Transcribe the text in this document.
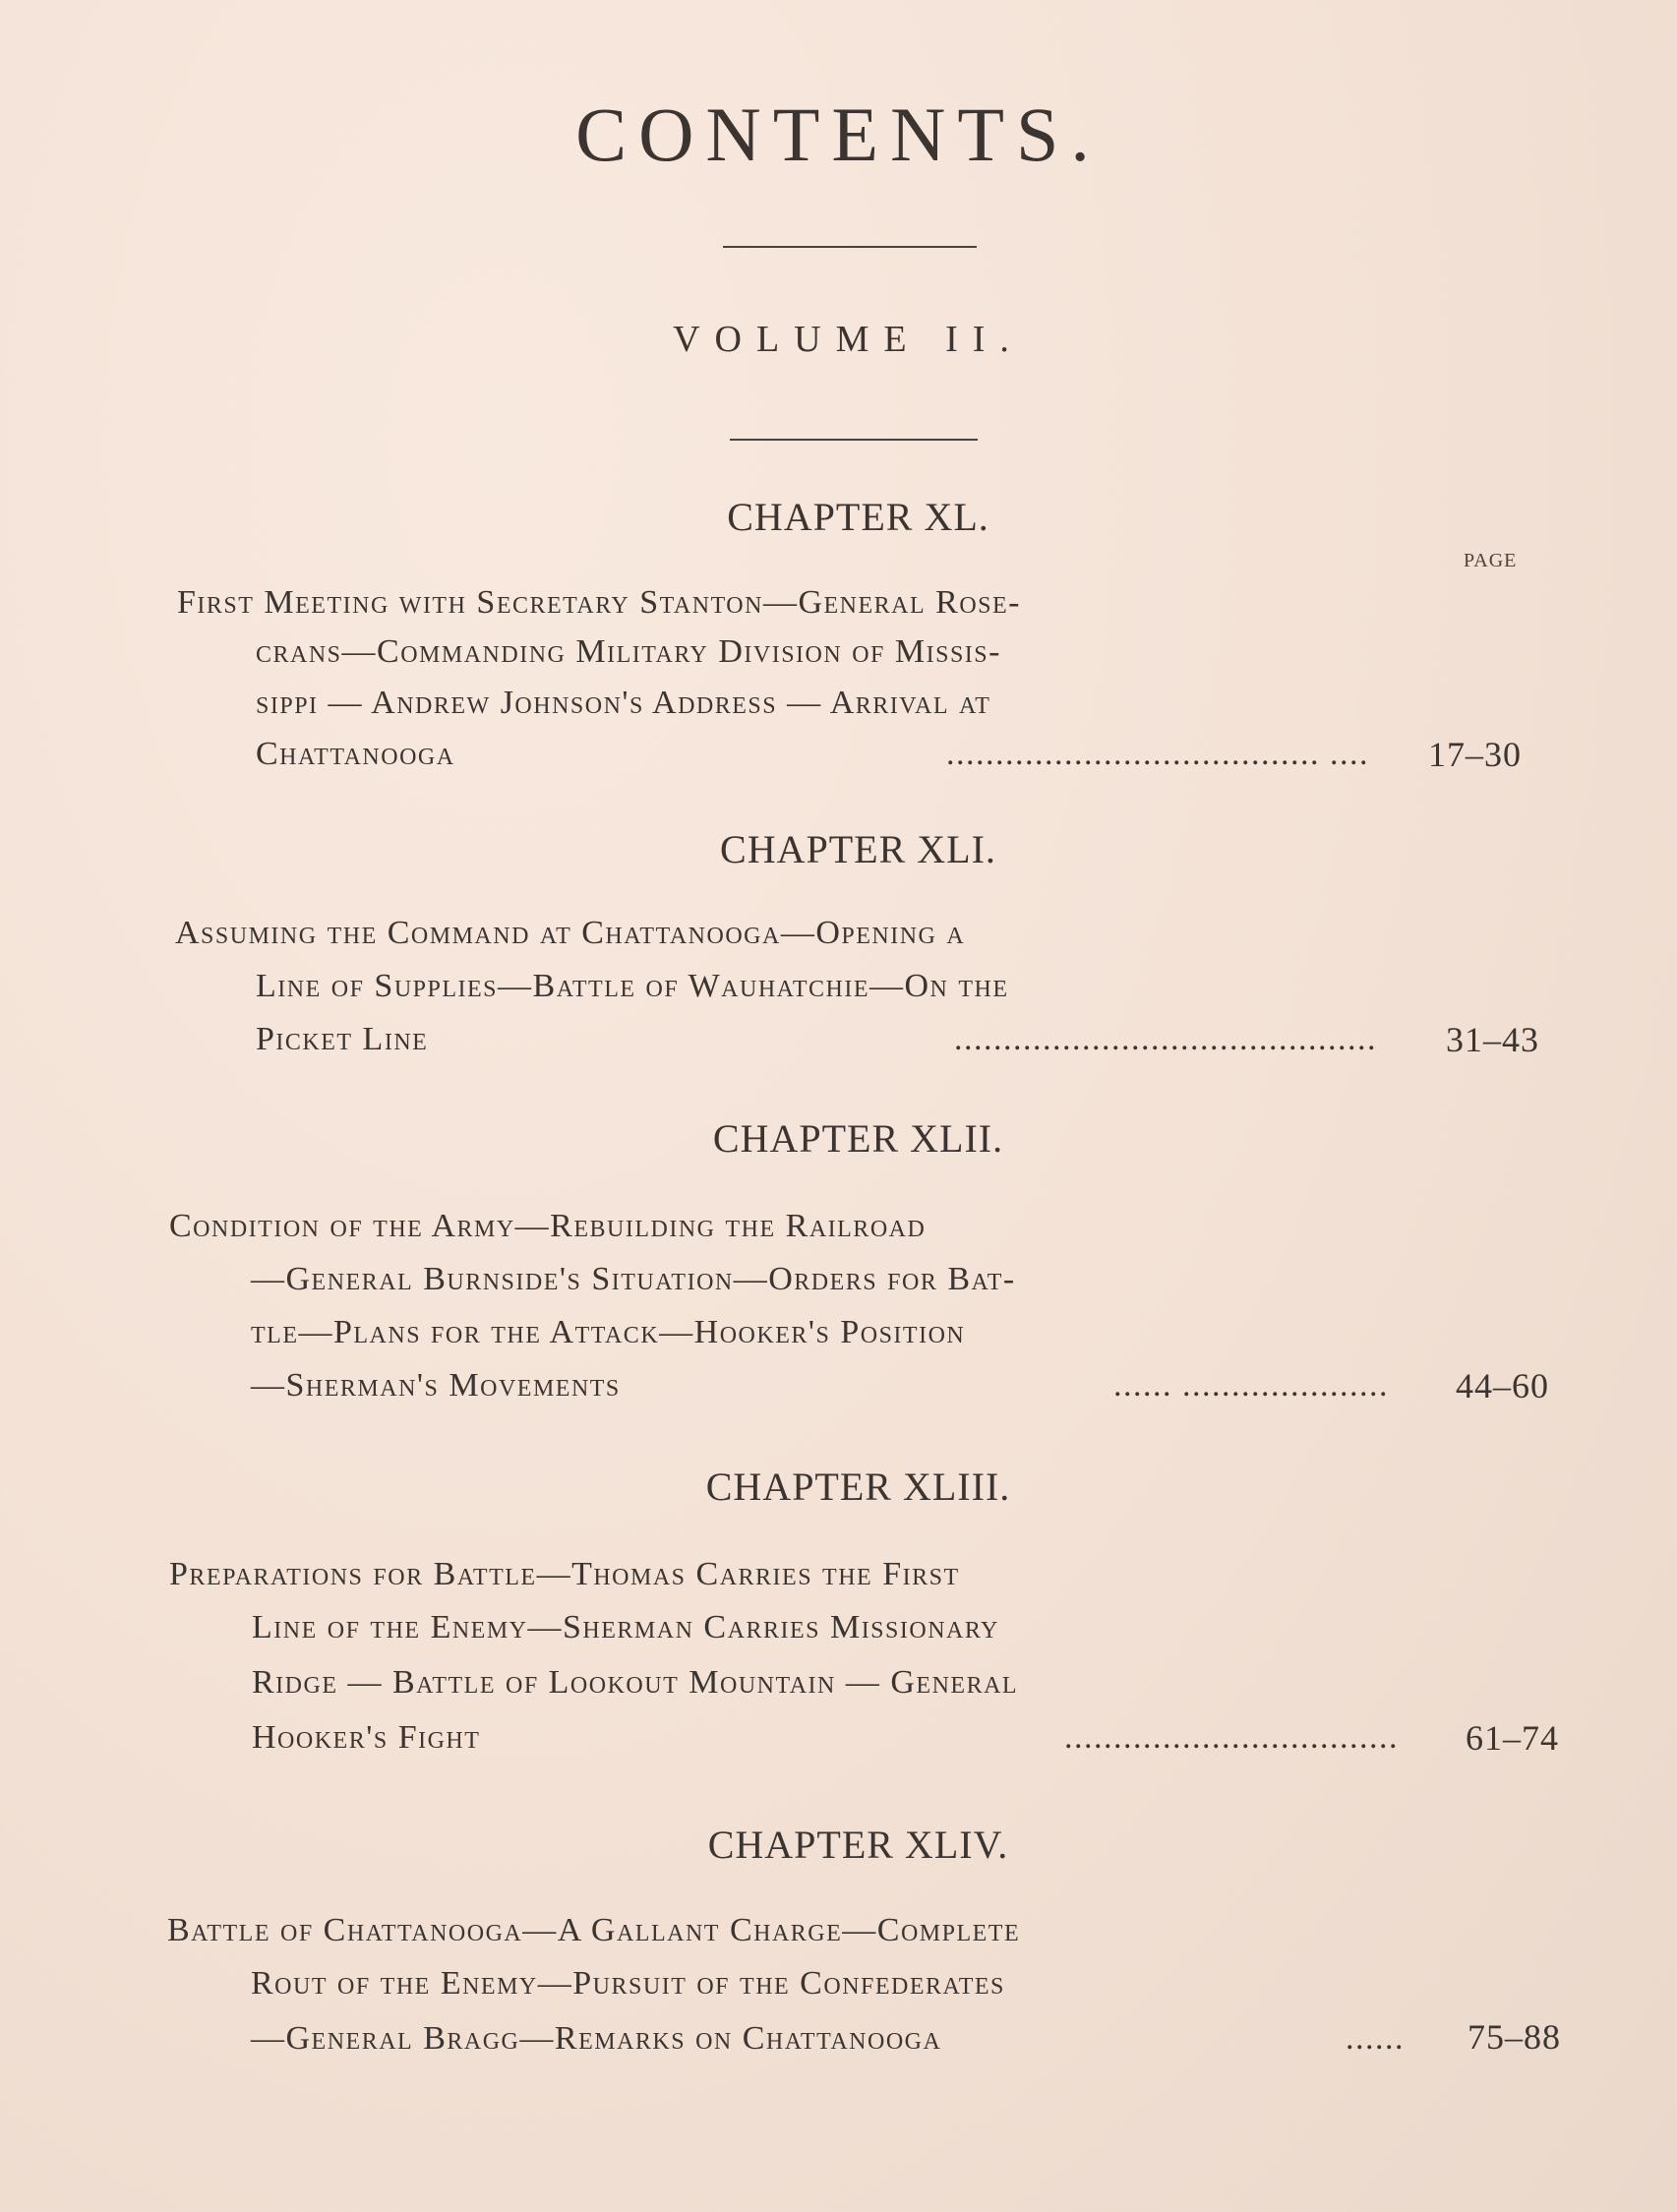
CONTENTS.
VOLUME II.
PAGE
CHAPTER XL.
First Meeting with Secretary Stanton—General Rose-
crans—Commanding Military Division of Missis-
sippi — Andrew Johnson's Address — Arrival at
Chattanooga	...................................... .... 17–30
CHAPTER XLI.
Assuming the Command at Chattanooga—Opening a
Line of Supplies—Battle of Wauhatchie—On the
Picket Line	........................................... 31–43
CHAPTER XLII.
Condition of the Army—Rebuilding the Railroad
—General Burnside's Situation—Orders for Bat-
tle—Plans for the Attack—Hooker's Position
—Sherman's Movements	...... ..................... 44–60
CHAPTER XLIII.
Preparations for Battle—Thomas Carries the First
Line of the Enemy—Sherman Carries Missionary
Ridge — Battle of Lookout Mountain — General
Hooker's Fight	.................................. 61–74
CHAPTER XLIV.
Battle of Chattanooga—A Gallant Charge—Complete
Rout of the Enemy—Pursuit of the Confederates
—General Bragg—Remarks on Chattanooga	...... 75–88
